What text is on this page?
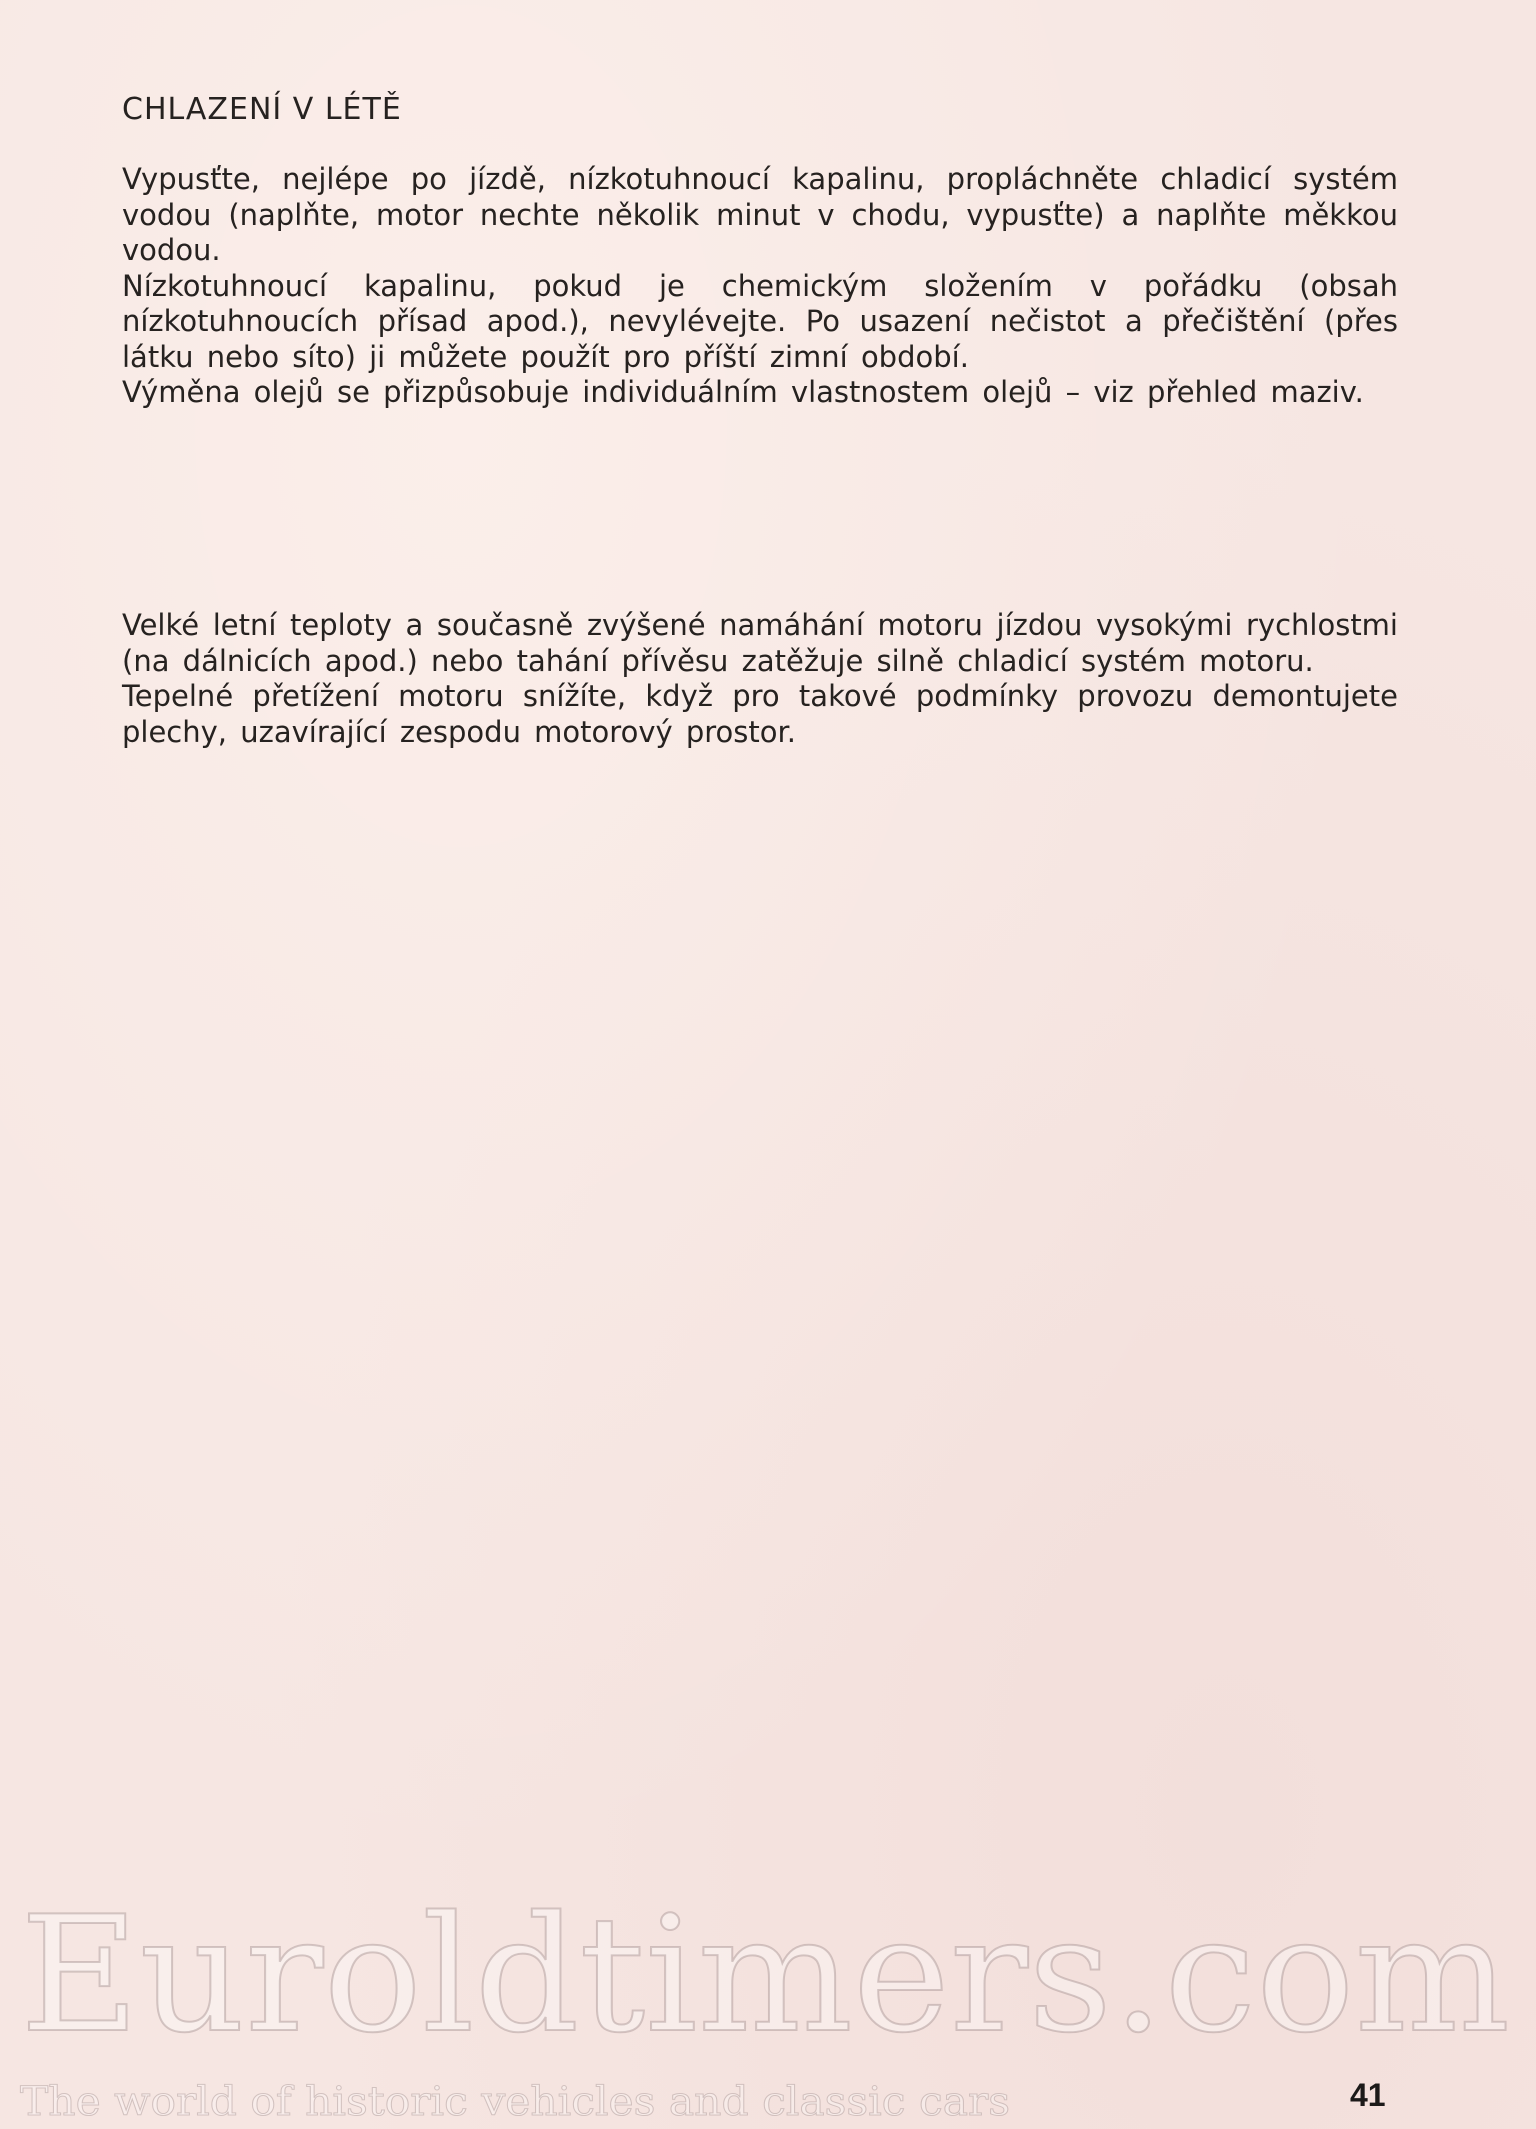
CHLAZENÍ V LÉTĚ

Vypusťte, nejlépe po jízdě, nízkotuhnoucí kapalinu, propláchněte chladicí systém vodou (naplňte, motor nechte několik minut v chodu, vypusťte) a naplňte měkkou vodou.

Nízkotuhnoucí kapalinu, pokud je chemickým složením v pořádku (obsah nízkotuhnoucích přísad apod.), nevylévejte. Po usazení nečistot a přečištění (přes látku nebo síto) ji můžete použít pro příští zimní období.

Výměna olejů se přizpůsobuje individuálním vlastnostem olejů – viz přehled maziv.

Velké letní teploty a současně zvýšené namáhání motoru jízdou vysokými rychlostmi (na dálnicích apod.) nebo tahání přívěsu zatěžuje silně chladicí systém motoru.

Tepelné přetížení motoru snížíte, když pro takové podmínky provozu demontujete plechy, uzavírající zespodu motorový prostor.

Euroldtimers.com
The world of historic vehicles and classic cars	41
